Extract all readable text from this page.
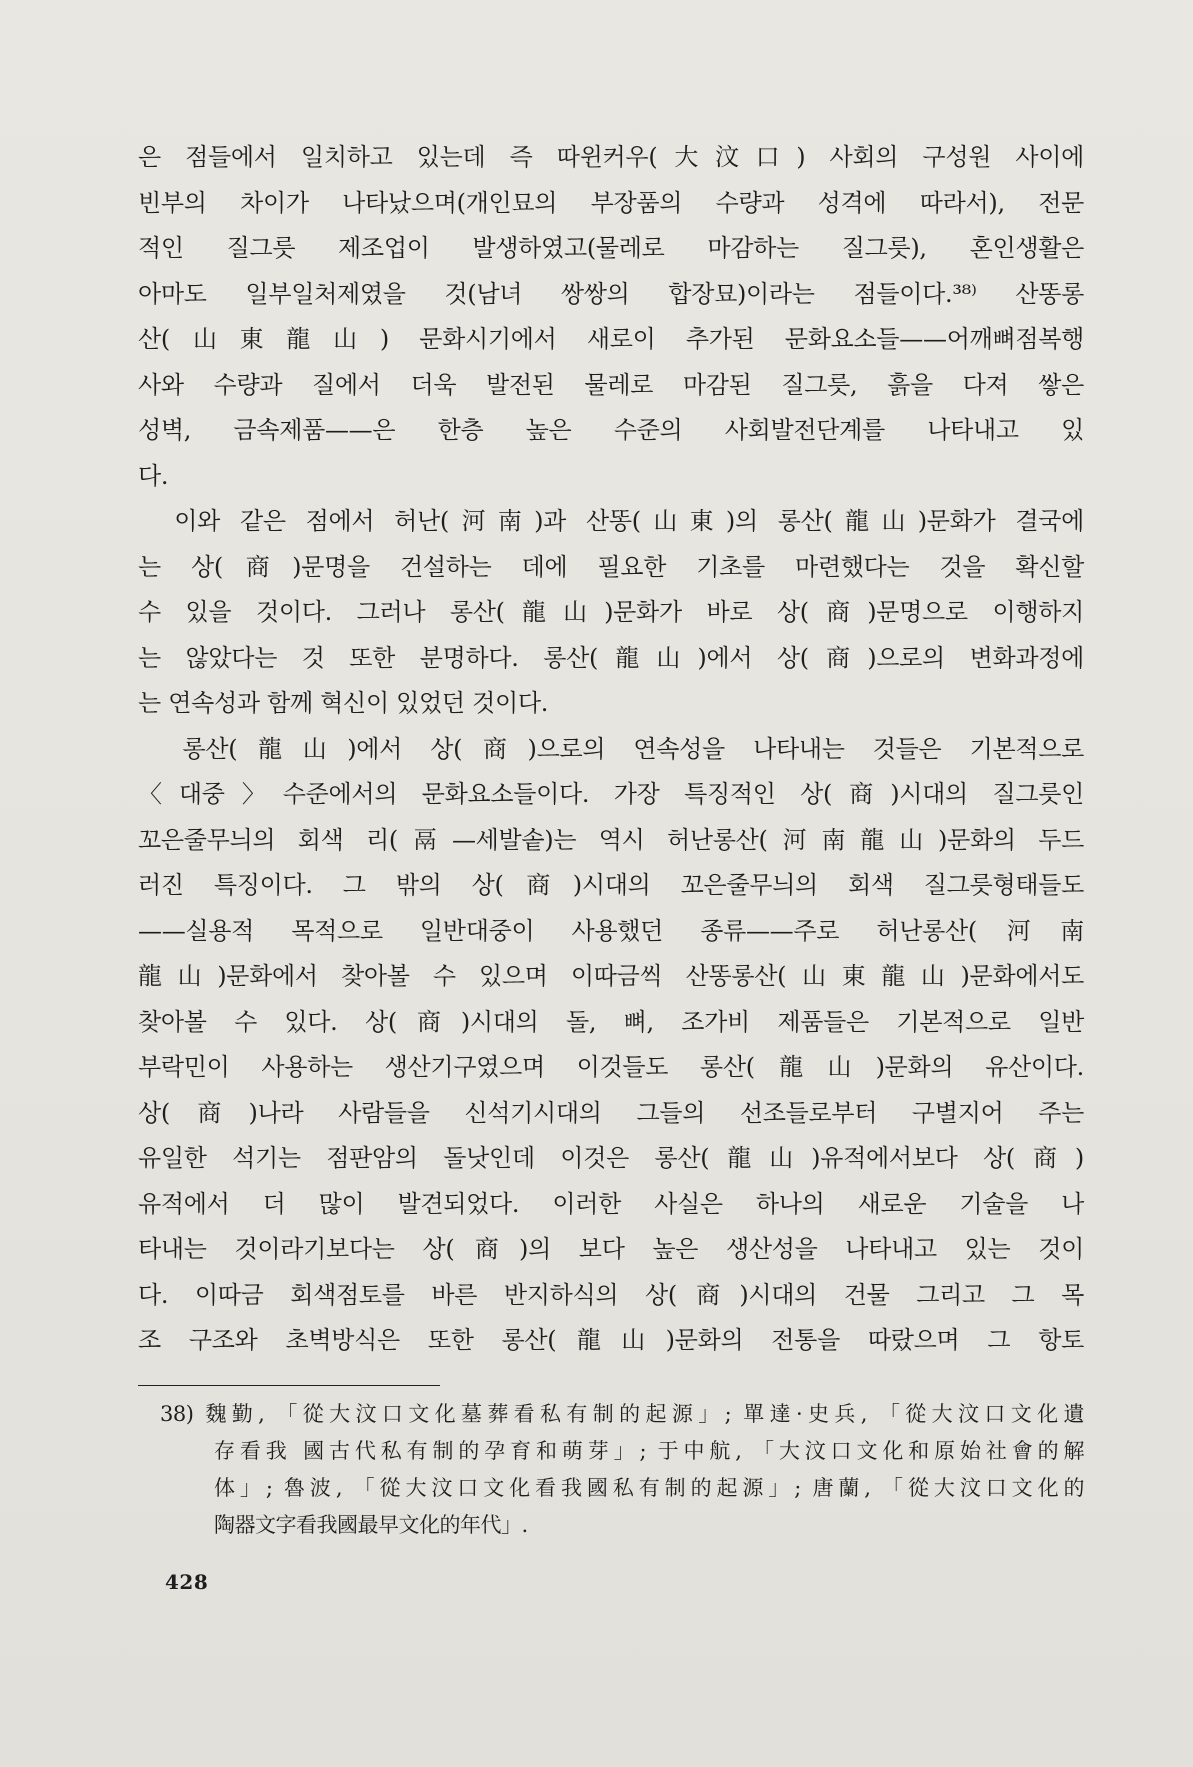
은 점들에서 일치하고 있는데 즉 따윈커우(大汶口) 사회의 구성원 사이에
빈부의 차이가 나타났으며(개인묘의 부장품의 수량과 성격에 따라서), 전문
적인 질그릇 제조업이 발생하였고(물레로 마감하는 질그릇), 혼인생활은
아마도 일부일처제였을 것(남녀 쌍쌍의 합장묘)이라는 점들이다.³⁸⁾ 산똥롱
산(山東龍山) 문화시기에서 새로이 추가된 문화요소들——어깨뼈점복행
사와 수량과 질에서 더욱 발전된 물레로 마감된 질그릇, 흙을 다져 쌓은
성벽, 금속제품——은 한층 높은 수준의 사회발전단계를 나타내고 있
다.
　이와 같은 점에서 허난(河南)과 산똥(山東)의 롱산(龍山)문화가 결국에
는 상(商)문명을 건설하는 데에 필요한 기초를 마련했다는 것을 확신할
수 있을 것이다. 그러나 롱산(龍山)문화가 바로 상(商)문명으로 이행하지
는 않았다는 것 또한 분명하다. 롱산(龍山)에서 상(商)으로의 변화과정에
는 연속성과 함께 혁신이 있었던 것이다.
　롱산(龍山)에서 상(商)으로의 연속성을 나타내는 것들은 기본적으로
〈대중〉수준에서의 문화요소들이다. 가장 특징적인 상(商)시대의 질그릇인
꼬은줄무늬의 회색 리(鬲—세발솥)는 역시 허난롱산(河南龍山)문화의 두드
러진 특징이다. 그 밖의 상(商)시대의 꼬은줄무늬의 회색 질그릇형태들도
——실용적 목적으로 일반대중이 사용했던 종류——주로 허난롱산(河南
龍山)문화에서 찾아볼 수 있으며 이따금씩 산똥롱산(山東龍山)문화에서도
찾아볼 수 있다. 상(商)시대의 돌, 뼈, 조가비 제품들은 기본적으로 일반
부락민이 사용하는 생산기구였으며 이것들도 롱산(龍山)문화의 유산이다.
상(商)나라 사람들을 신석기시대의 그들의 선조들로부터 구별지어 주는
유일한 석기는 점판암의 돌낫인데 이것은 롱산(龍山)유적에서보다 상(商)
유적에서 더 많이 발견되었다. 이러한 사실은 하나의 새로운 기술을 나
타내는 것이라기보다는 상(商)의 보다 높은 생산성을 나타내고 있는 것이
다. 이따금 회색점토를 바른 반지하식의 상(商)시대의 건물 그리고 그 목
조 구조와 초벽방식은 또한 롱산(龍山)문화의 전통을 따랐으며 그 항토
38) 魏勤, 「從大汶口文化墓葬看私有制的起源」; 單達·史兵, 「從大汶口文化遺
存看我 國古代私有制的孕育和萌芽」; 于中航, 「大汶口文化和原始社會的解
体」; 魯波, 「從大汶口文化看我國私有制的起源」; 唐蘭, 「從大汶口文化的
陶器文字看我國最早文化的年代」.
428
